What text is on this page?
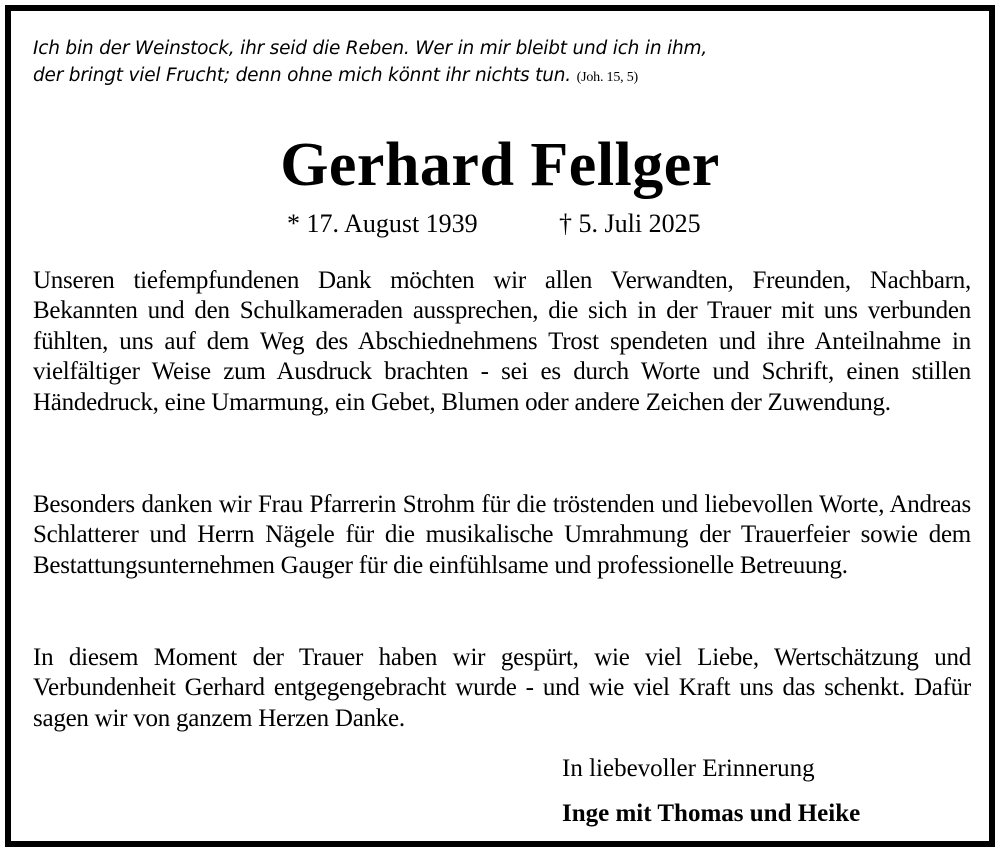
Ich bin der Weinstock, ihr seid die Reben. Wer in mir bleibt und ich in ihm,
der bringt viel Frucht; denn ohne mich könnt ihr nichts tun. (Joh. 15, 5)
Gerhard Fellger
* 17. August 1939	† 5. Juli 2025

Unseren tiefempfundenen Dank möchten wir allen Verwandten, Freunden, Nachbarn, Bekannten und den Schulkameraden aussprechen, die sich in der Trauer mit uns verbunden fühlten, uns auf dem Weg des Abschiednehmens Trost spendeten und ihre Anteilnahme in vielfältiger Weise zum Ausdruck brachten - sei es durch Worte und Schrift, einen stillen Händedruck, eine Umarmung, ein Gebet, Blumen oder andere Zeichen der Zuwendung.

Besonders danken wir Frau Pfarrerin Strohm für die tröstenden und liebevollen Worte, Andreas Schlatterer und Herrn Nägele für die musikalische Umrahmung der Trauerfeier sowie dem Bestattungsunternehmen Gauger für die einfühlsame und professionelle Betreuung.

In diesem Moment der Trauer haben wir gespürt, wie viel Liebe, Wertschätzung und Verbundenheit Gerhard entgegengebracht wurde - und wie viel Kraft uns das schenkt. Dafür sagen wir von ganzem Herzen Danke.

In liebevoller Erinnerung
Inge mit Thomas und Heike
